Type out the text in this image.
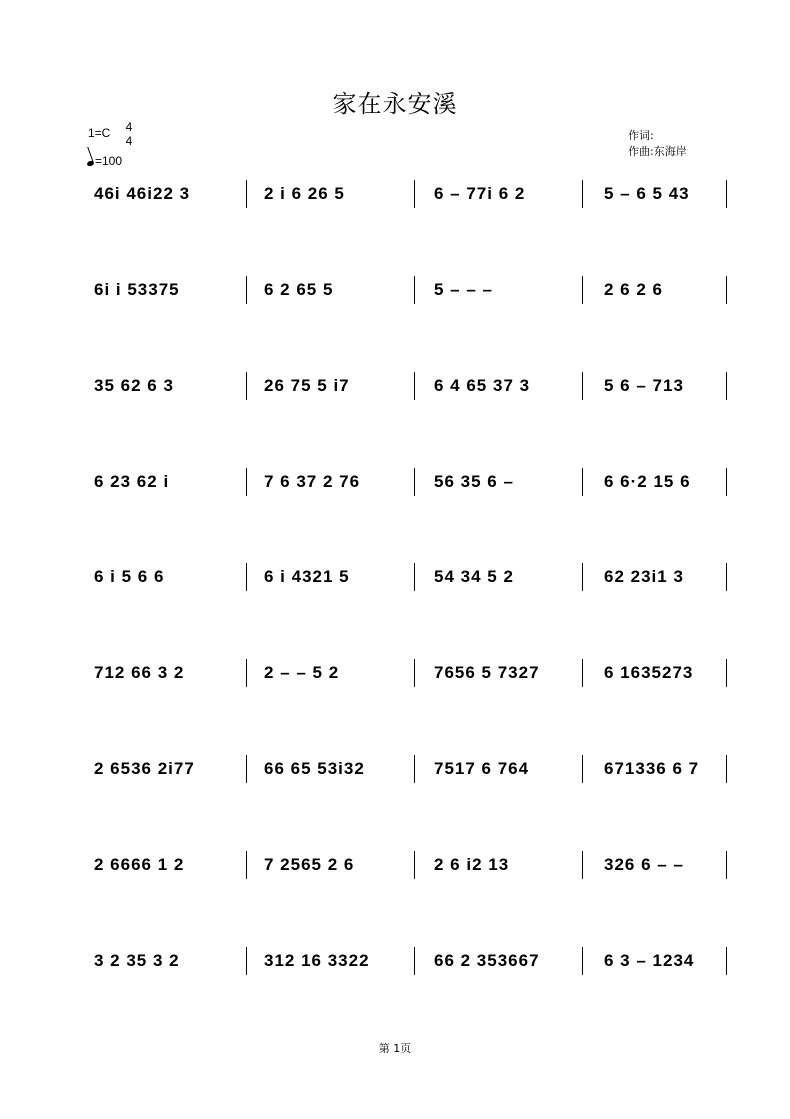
家在永安溪
1=C	4
4
=100
作词:
作曲:东海岸
46i 46i22 3	2 i 6 26 5	6 – 77i 6 2	5 – 6 5 43
6i i 53375	6 2 65 5	5 – – –	2 6 2 6
35 62 6 3	26 75 5 i7	6 4 65 37 3	5 6 – 713
6 23 62 i	7 6 37 2 76	56 35 6 –	6 6·2 15 6
6 i 5 6 6	6 i 4321 5	54 34 5 2	62 23i1 3
712 66 3 2	2 – – 5 2	7656 5 7327	6 1635273
2 6536 2i77	66 65 53i32	7517 6 764	671336 6 7
2 6666 1 2	7 2565 2 6	2 6 i2 13	326 6 – –
3 2 35 3 2	312 16 3322	66 2 353667	6 3 – 1234
第 1页
